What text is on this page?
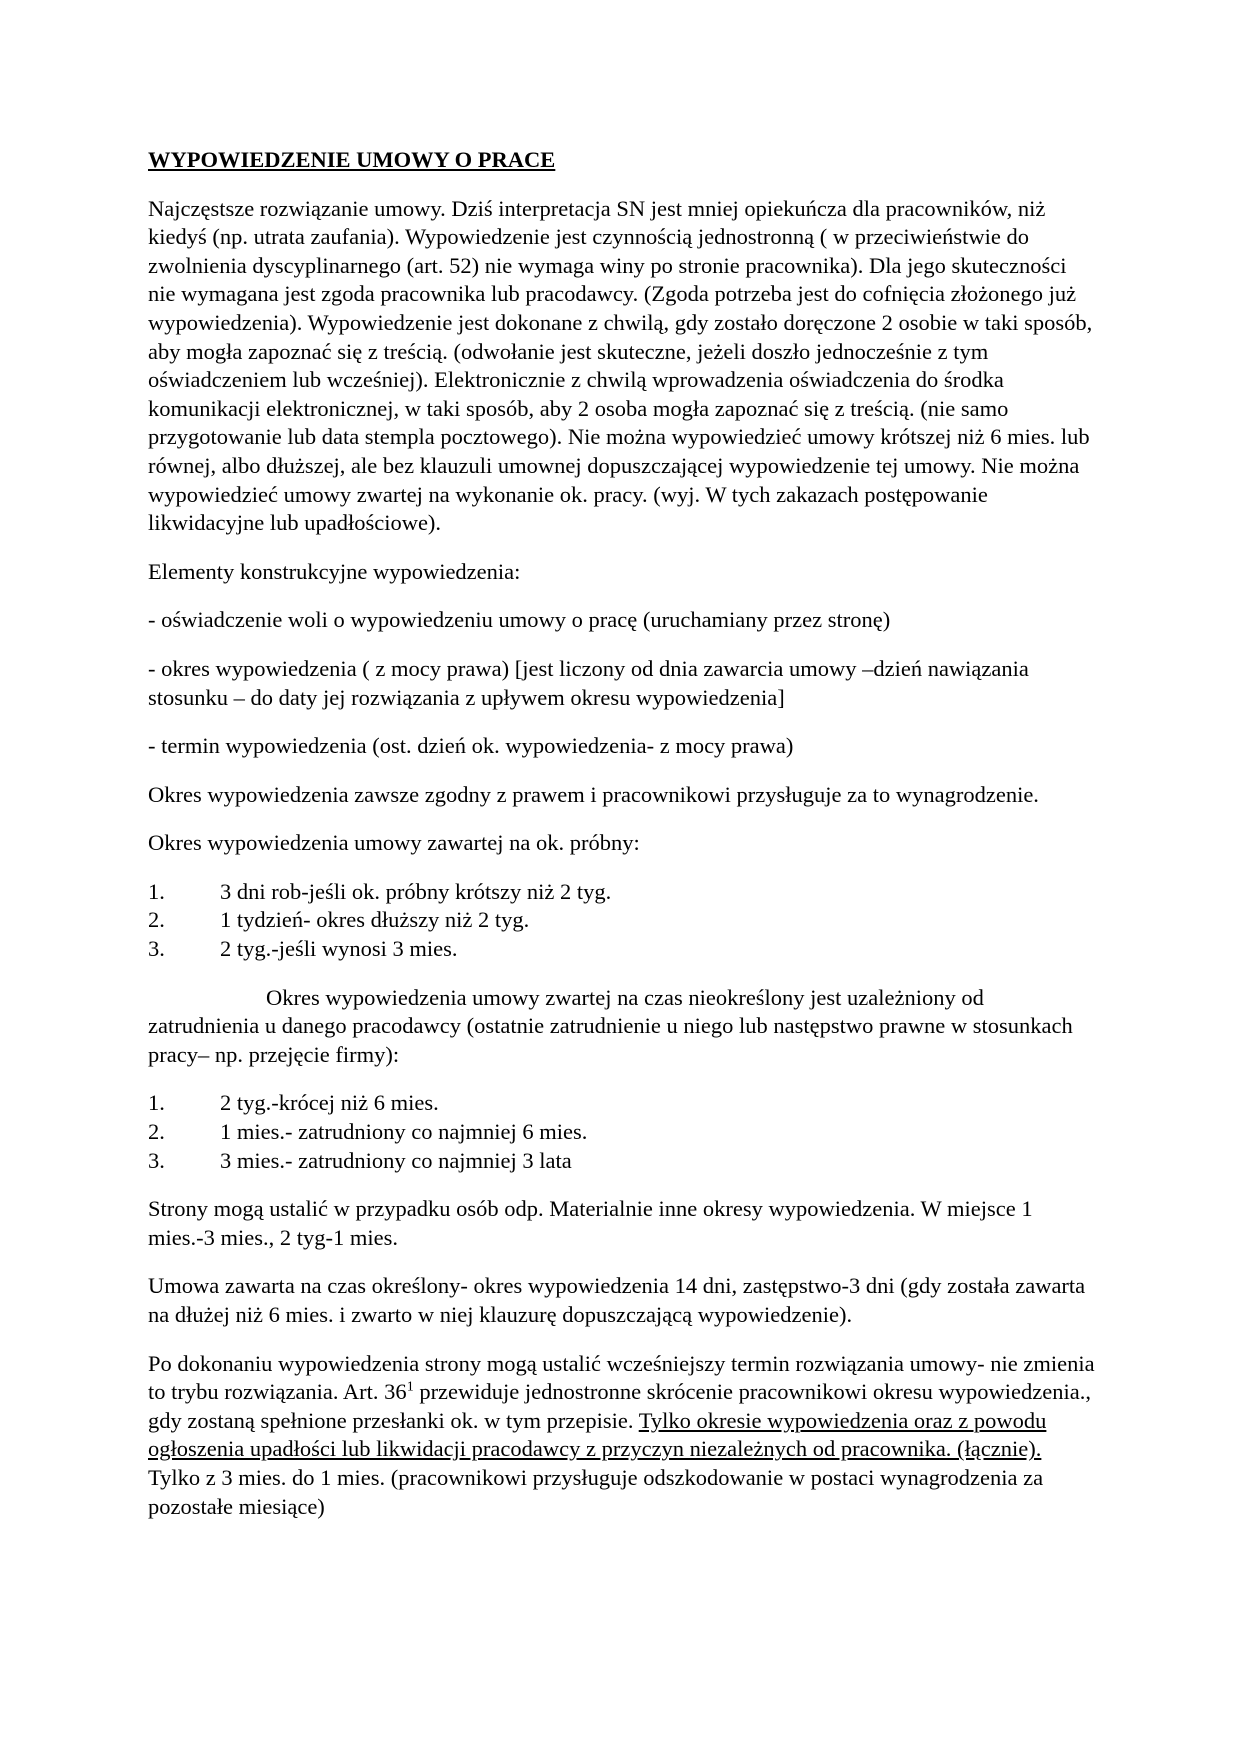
WYPOWIEDZENIE UMOWY O PRACE

Najczęstsze rozwiązanie umowy. Dziś interpretacja SN jest mniej opiekuńcza dla pracowników, niż kiedyś (np. utrata zaufania). Wypowiedzenie jest czynnością jednostronną ( w przeciwieństwie do zwolnienia dyscyplinarnego (art. 52) nie wymaga winy po stronie pracownika). Dla jego skuteczności nie wymagana jest zgoda pracownika lub pracodawcy. (Zgoda potrzeba jest do cofnięcia złożonego już wypowiedzenia). Wypowiedzenie jest dokonane z chwilą, gdy zostało doręczone 2 osobie w taki sposób, aby mogła zapoznać się z treścią. (odwołanie jest skuteczne, jeżeli doszło jednocześnie z tym oświadczeniem lub wcześniej). Elektronicznie z chwilą wprowadzenia oświadczenia do środka komunikacji elektronicznej, w taki sposób, aby 2 osoba mogła zapoznać się z treścią. (nie samo przygotowanie lub data stempla pocztowego). Nie można wypowiedzieć umowy krótszej niż 6 mies. lub równej, albo dłuższej, ale bez klauzuli umownej dopuszczającej wypowiedzenie tej umowy. Nie można wypowiedzieć umowy zwartej na wykonanie ok. pracy. (wyj. W tych zakazach postępowanie likwidacyjne lub upadłościowe).

Elementy konstrukcyjne wypowiedzenia:

- oświadczenie woli o wypowiedzeniu umowy o pracę (uruchamiany przez stronę)

- okres wypowiedzenia ( z mocy prawa) [jest liczony od dnia zawarcia umowy –dzień nawiązania stosunku – do daty jej rozwiązania z upływem okresu wypowiedzenia]

- termin wypowiedzenia (ost. dzień ok. wypowiedzenia- z mocy prawa)

Okres wypowiedzenia zawsze zgodny z prawem i pracownikowi przysługuje za to wynagrodzenie.

Okres wypowiedzenia umowy zawartej na ok. próbny:

1.	3 dni rob-jeśli ok. próbny krótszy niż 2 tyg.
2.	1 tydzień- okres dłuższy niż 2 tyg.
3.	2 tyg.-jeśli wynosi 3 mies.

Okres wypowiedzenia umowy zwartej na czas nieokreślony jest uzależniony od zatrudnienia u danego pracodawcy (ostatnie zatrudnienie u niego lub następstwo prawne w stosunkach pracy– np. przejęcie firmy):

1.	2 tyg.-krócej niż 6 mies.
2.	1 mies.- zatrudniony co najmniej 6 mies.
3.	3 mies.- zatrudniony co najmniej 3 lata

Strony mogą ustalić w przypadku osób odp. Materialnie inne okresy wypowiedzenia. W miejsce 1 mies.-3 mies., 2 tyg-1 mies.

Umowa zawarta na czas określony- okres wypowiedzenia 14 dni, zastępstwo-3 dni (gdy została zawarta na dłużej niż 6 mies. i zwarto w niej klauzurę dopuszczającą wypowiedzenie).

Po dokonaniu wypowiedzenia strony mogą ustalić wcześniejszy termin rozwiązania umowy- nie zmienia to trybu rozwiązania. Art. $36^1$ przewiduje jednostronne skrócenie pracownikowi okresu wypowiedzenia., gdy zostaną spełnione przesłanki ok. w tym przepisie. Tylko okresie wypowiedzenia oraz z powodu ogłoszenia upadłości lub likwidacji pracodawcy z przyczyn niezależnych od pracownika. (łącznie). Tylko z 3 mies. do 1 mies. (pracownikowi przysługuje odszkodowanie w postaci wynagrodzenia za pozostałe miesiące)
